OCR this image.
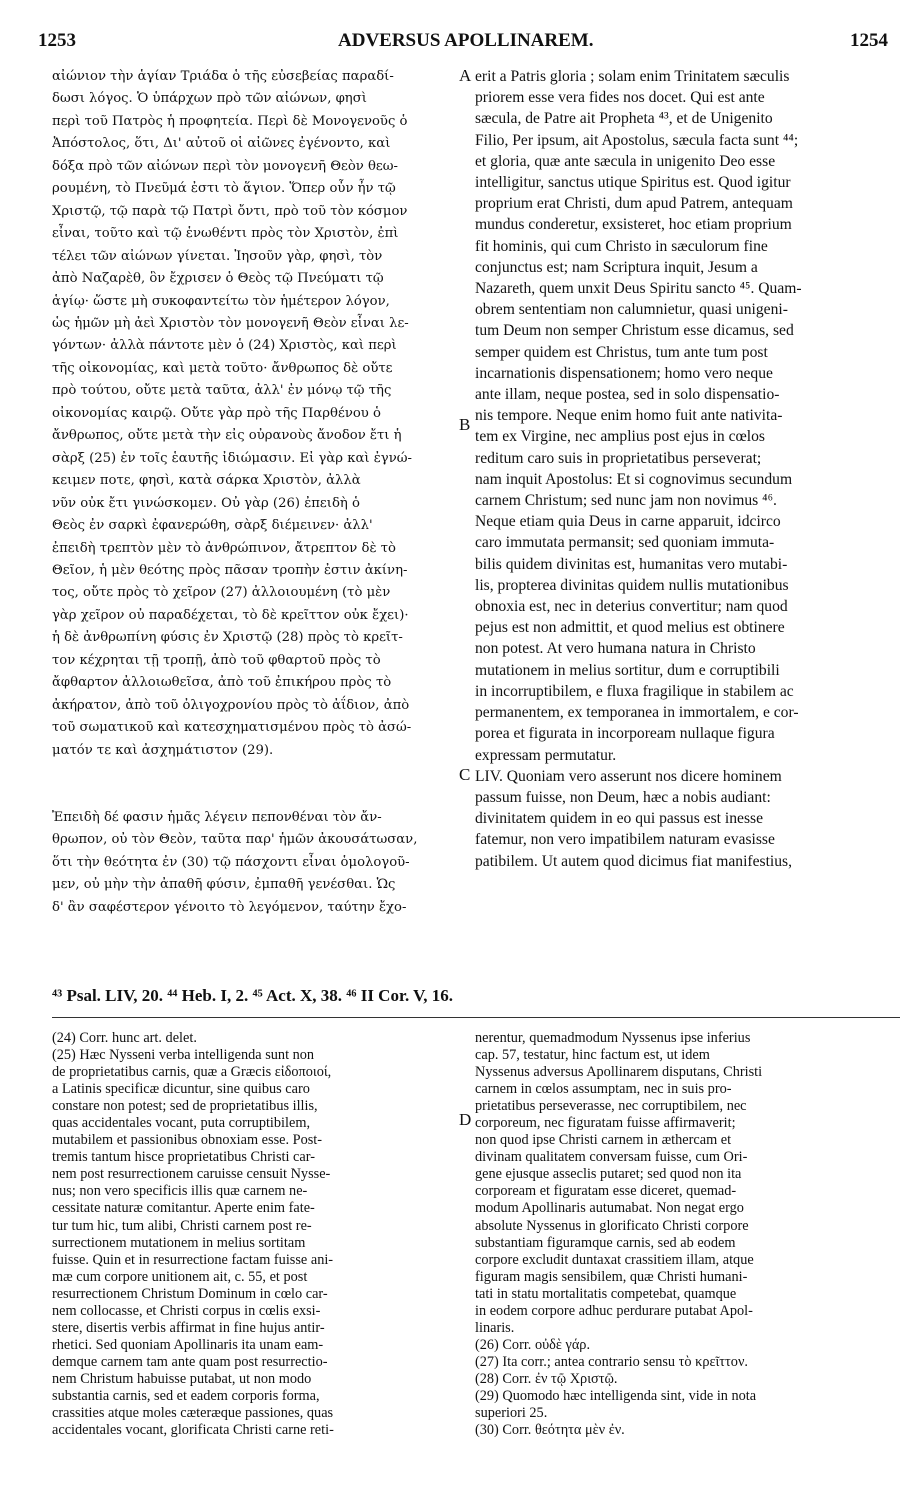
1253	ADVERSUS APOLLINAREM.	1254
αἰώνιον τὴν ἁγίαν Τριάδα ὁ τῆς εὐσεβείας παραδί-
δωσι λόγος. Ὁ ὑπάρχων πρὸ τῶν αἰώνων, φησὶ
περὶ τοῦ Πατρὸς ἡ προφητεία. Περὶ δὲ Μονογενοῦς ὁ
Ἀπόστολος, ὅτι, Δι' αὐτοῦ οἱ αἰῶνες ἐγένοντο, καὶ
δόξα πρὸ τῶν αἰώνων περὶ τὸν μονογενῆ Θεὸν θεω-
ρουμένη, τὸ Πνεῦμά ἐστι τὸ ἅγιον. Ὅπερ οὖν ἦν τῷ
Χριστῷ, τῷ παρὰ τῷ Πατρὶ ὄντι, πρὸ τοῦ τὸν κόσμον
εἶναι, τοῦτο καὶ τῷ ἑνωθέντι πρὸς τὸν Χριστὸν, ἐπὶ
τέλει τῶν αἰώνων γίνεται. Ἰησοῦν γὰρ, φησὶ, τὸν
ἀπὸ Ναζαρὲθ, ὃν ἔχρισεν ὁ Θεὸς τῷ Πνεύματι τῷ
ἁγίῳ· ὥστε μὴ συκοφαντείτω τὸν ἡμέτερον λόγον,
ὡς ἡμῶν μὴ ἀεὶ Χριστὸν τὸν μονογενῆ Θεὸν εἶναι λε-
γόντων· ἀλλὰ πάντοτε μὲν ὁ (24) Χριστὸς, καὶ περὶ
τῆς οἰκονομίας, καὶ μετὰ τοῦτο· ἄνθρωπος δὲ οὔτε
πρὸ τούτου, οὔτε μετὰ ταῦτα, ἀλλ' ἐν μόνῳ τῷ τῆς
οἰκονομίας καιρῷ. Οὔτε γὰρ πρὸ τῆς Παρθένου ὁ
ἄνθρωπος, οὔτε μετὰ τὴν εἰς οὐρανοὺς ἄνοδον ἔτι ἡ
σὰρξ (25) ἐν τοῖς ἑαυτῆς ἰδιώμασιν. Εἰ γὰρ καὶ ἐγνώ-
κειμεν ποτε, φησὶ, κατὰ σάρκα Χριστὸν, ἀλλὰ
νῦν οὐκ ἔτι γινώσκομεν. Οὐ γὰρ (26) ἐπειδὴ ὁ
Θεὸς ἐν σαρκὶ ἐφανερώθη, σὰρξ διέμεινεν· ἀλλ'
ἐπειδὴ τρεπτὸν μὲν τὸ ἀνθρώπινον, ἄτρεπτον δὲ τὸ
Θεῖον, ἡ μὲν θεότης πρὸς πᾶσαν τροπὴν ἐστιν ἀκίνη-
τος, οὔτε πρὸς τὸ χεῖρον (27) ἀλλοιουμένη (τὸ μὲν
γὰρ χεῖρον οὐ παραδέχεται, τὸ δὲ κρεῖττον οὐκ ἔχει)·
ἡ δὲ ἀνθρωπίνη φύσις ἐν Χριστῷ (28) πρὸς τὸ κρεῖτ-
τον κέχρηται τῇ τροπῇ, ἀπὸ τοῦ φθαρτοῦ πρὸς τὸ
ἄφθαρτον ἀλλοιωθεῖσα, ἀπὸ τοῦ ἐπικήρου πρὸς τὸ
ἀκήρατον, ἀπὸ τοῦ ὀλιγοχρονίου πρὸς τὸ ἀΐδιον, ἀπὸ
τοῦ σωματικοῦ καὶ κατεσχηματισμένου πρὸς τὸ ἀσώ-
ματόν τε καὶ ἀσχημάτιστον (29).

Ἐπειδὴ δέ φασιν ἡμᾶς λέγειν πεπονθέναι τὸν ἄν-
θρωπον, οὐ τὸν Θεὸν, ταῦτα παρ' ἡμῶν ἀκουσάτωσαν,
ὅτι τὴν θεότητα ἐν (30) τῷ πάσχοντι εἶναι ὁμολογοῦ-
μεν, οὐ μὴν τὴν ἀπαθῆ φύσιν, ἐμπαθῆ γενέσθαι. Ὡς
δ' ἂν σαφέστερον γένοιτο τὸ λεγόμενον, ταύτην ἔχο-
erit a Patris gloria ; solam enim Trinitatem sæculis
priorem esse vera fides nos docet. Qui est ante
sæcula, de Patre ait Propheta ⁴³, et de Unigenito
Filio, Per ipsum, ait Apostolus, sæcula facta sunt ⁴⁴;
et gloria, quæ ante sæcula in unigenito Deo esse
intelligitur, sanctus utique Spiritus est. Quod igitur
proprium erat Christi, dum apud Patrem, antequam
mundus conderetur, exsisteret, hoc etiam proprium
fit hominis, qui cum Christo in sæculorum fine
conjunctus est; nam Scriptura inquit, Jesum a
Nazareth, quem unxit Deus Spiritu sancto ⁴⁵. Quam-
obrem sententiam non calumnietur, quasi unigeni-
tum Deum non semper Christum esse dicamus, sed
semper quidem est Christus, tum ante tum post
incarnationis dispensationem; homo vero neque
ante illam, neque postea, sed in solo dispensatio-
nis tempore. Neque enim homo fuit ante nativita-
tem ex Virgine, nec amplius post ejus in cœlos
reditum caro suis in proprietatibus perseverat;
nam inquit Apostolus: Et si cognovimus secundum
carnem Christum; sed nunc jam non novimus ⁴⁶.
Neque etiam quia Deus in carne apparuit, idcirco
caro immutata permansit; sed quoniam immuta-
bilis quidem divinitas est, humanitas vero mutabi-
lis, propterea divinitas quidem nullis mutationibus
obnoxia est, nec in deterius convertitur; nam quod
pejus est non admittit, et quod melius est obtinere
non potest. At vero humana natura in Christo
mutationem in melius sortitur, dum e corruptibili
in incorruptibilem, e fluxa fragilique in stabilem ac
permanentem, ex temporanea in immortalem, e cor-
porea et figurata in incorpoream nullaque figura
expressam permutatur.
LIV. Quoniam vero asserunt nos dicere hominem
passum fuisse, non Deum, hæc a nobis audiant:
divinitatem quidem in eo qui passus est inesse
fatemur, non vero impatibilem naturam evasisse
patibilem. Ut autem quod dicimus fiat manifestius,
A
B
C
D
⁴³ Psal. LIV, 20. ⁴⁴ Heb. I, 2. ⁴⁵ Act. X, 38. ⁴⁶ II Cor. V, 16.
(24) Corr. hunc art. delet.
(25) Hæc Nysseni verba intelligenda sunt non
de proprietatibus carnis, quæ a Græcis εἰδοποιοί,
a Latinis specificæ dicuntur, sine quibus caro
constare non potest; sed de proprietatibus illis,
quas accidentales vocant, puta corruptibilem,
mutabilem et passionibus obnoxiam esse. Post-
tremis tantum hisce proprietatibus Christi car-
nem post resurrectionem caruisse censuit Nysse-
nus; non vero specificis illis quæ carnem ne-
cessitate naturæ comitantur. Aperte enim fate-
tur tum hic, tum alibi, Christi carnem post re-
surrectionem mutationem in melius sortitam
fuisse. Quin et in resurrectione factam fuisse ani-
mæ cum corpore unitionem ait, c. 55, et post
resurrectionem Christum Dominum in cœlo car-
nem collocasse, et Christi corpus in cœlis exsi-
stere, disertis verbis affirmat in fine hujus antir-
rhetici. Sed quoniam Apollinaris ita unam eam-
demque carnem tam ante quam post resurrectio-
nem Christum habuisse putabat, ut non modo
substantia carnis, sed et eadem corporis forma,
crassities atque moles cæteræque passiones, quas
accidentales vocant, glorificata Christi carne reti-
nerentur, quemadmodum Nyssenus ipse inferius
cap. 57, testatur, hinc factum est, ut idem
Nyssenus adversus Apollinarem disputans, Christi
carnem in cœlos assumptam, nec in suis pro-
prietatibus perseverasse, nec corruptibilem, nec
corporeum, nec figuratam fuisse affirmaverit;
non quod ipse Christi carnem in æthercam et
divinam qualitatem conversam fuisse, cum Ori-
gene ejusque asseclis putaret; sed quod non ita
corpoream et figuratam esse diceret, quemad-
modum Apollinaris autumabat. Non negat ergo
absolute Nyssenus in glorificato Christi corpore
substantiam figuramque carnis, sed ab eodem
corpore excludit duntaxat crassitiem illam, atque
figuram magis sensibilem, quæ Christi humani-
tati in statu mortalitatis competebat, quamque
in eodem corpore adhuc perdurare putabat Apol-
linaris.
(26) Corr. οὐδὲ γάρ.
(27) Ita corr.; antea contrario sensu τὸ κρεῖττον.
(28) Corr. ἐν τῷ Χριστῷ.
(29) Quomodo hæc intelligenda sint, vide in nota
superiori 25.
(30) Corr. θεότητα μὲν ἐν.
